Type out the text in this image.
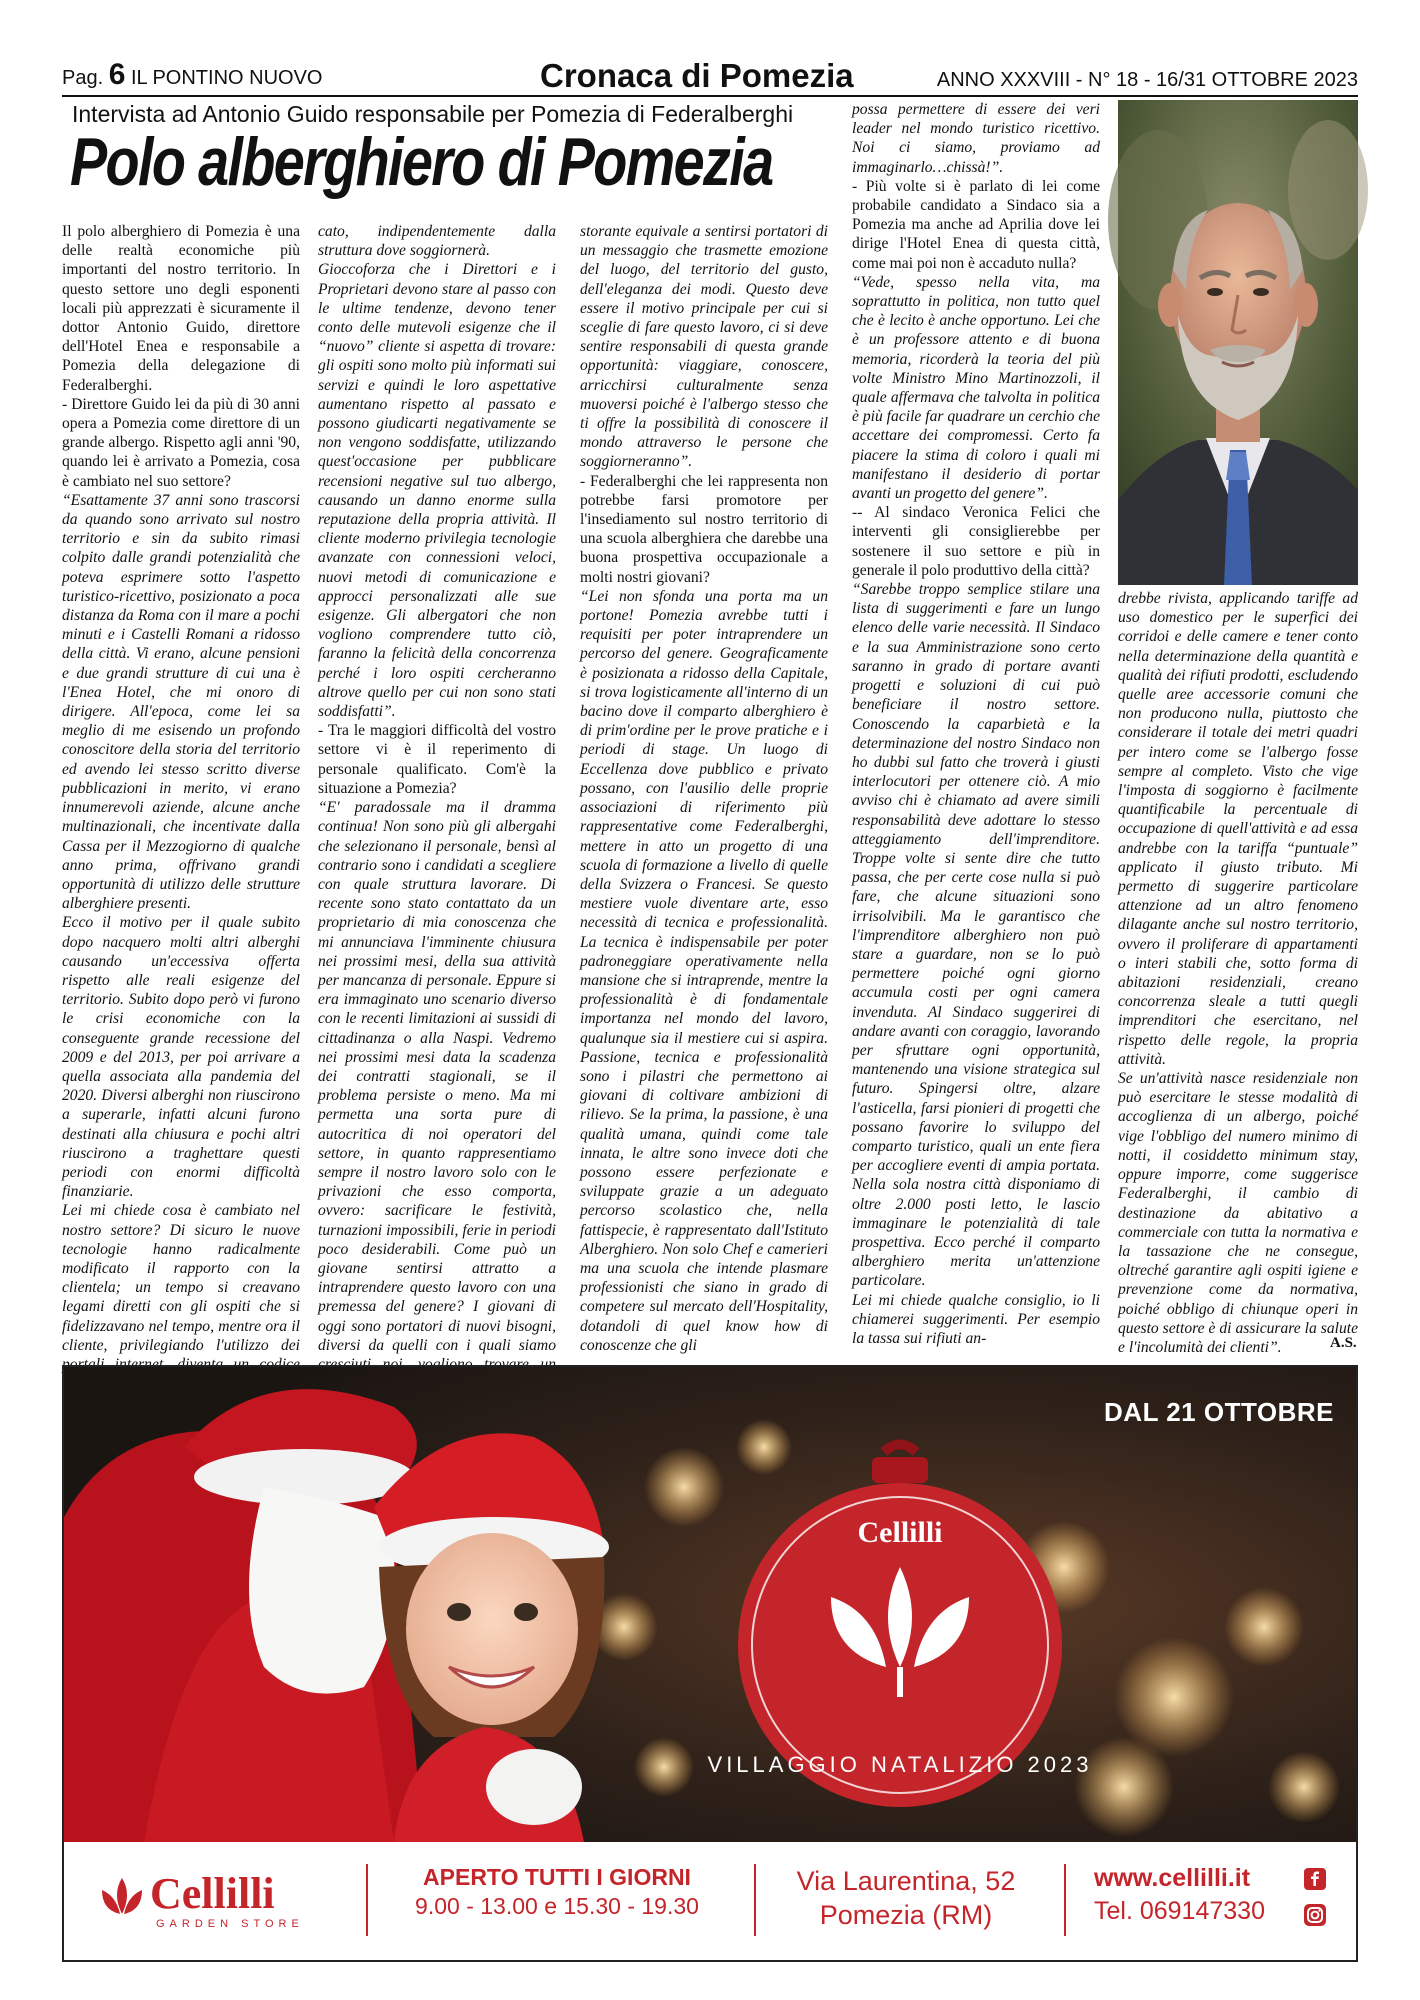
Pag. 6 IL PONTINO NUOVO	Cronaca di Pomezia	ANNO XXXVIII - N° 18 - 16/31 OTTOBRE 2023
Intervista ad Antonio Guido responsabile per Pomezia di Federalberghi
Polo alberghiero di Pomezia

Il polo alberghiero di Pomezia è una delle realtà economiche più importanti del nostro territorio. In questo settore uno degli esponenti locali più apprezzati è sicuramente il dottor Antonio Guido, direttore dell'Hotel Enea e responsabile a Pomezia della delegazione di Federalberghi.

- Direttore Guido lei da più di 30 anni opera a Pomezia come direttore di un grande albergo. Rispetto agli anni '90, quando lei è arrivato a Pomezia, cosa è cambiato nel suo settore?

“Esattamente 37 anni sono trascorsi da quando sono arrivato sul nostro territorio e sin da subito rimasi colpito dalle grandi potenzialità che poteva esprimere sotto l'aspetto turistico-ricettivo, posizionato a poca distanza da Roma con il mare a pochi minuti e i Castelli Romani a ridosso della città. Vi erano, alcune pensioni e due grandi strutture di cui una è l'Enea Hotel, che mi onoro di dirigere. All'epoca, come lei sa meglio di me esisendo un profondo conoscitore della storia del territorio ed avendo lei stesso scritto diverse pubblicazioni in merito, vi erano innumerevoli aziende, alcune anche multinazionali, che incentivate dalla Cassa per il Mezzogiorno di qualche anno prima, offrivano grandi opportunità di utilizzo delle strutture alberghiere presenti.

Ecco il motivo per il quale subito dopo nacquero molti altri alberghi causando un'eccessiva offerta rispetto alle reali esigenze del territorio. Subito dopo però vi furono le crisi economiche con la conseguente grande recessione del 2009 e del 2013, per poi arrivare a quella associata alla pandemia del 2020. Diversi alberghi non riuscirono a superarle, infatti alcuni furono destinati alla chiusura e pochi altri riuscirono a traghettare questi periodi con enormi difficoltà finanziarie.

Lei mi chiede cosa è cambiato nel nostro settore? Di sicuro le nuove tecnologie hanno radicalmente modificato il rapporto con la clientela; un tempo si creavano legami diretti con gli ospiti che si fidelizzavano nel tempo, mentre ora il cliente, privilegiando l'utilizzo dei

cato, indipendentemente dalla struttura dove soggiornerà.

Gioccoforza che i Direttori e i Proprietari devono stare al passo con le ultime tendenze, devono tener conto delle mutevoli esigenze che il “nuovo” cliente si aspetta di trovare: gli ospiti sono molto più informati sui servizi e quindi le loro aspettative aumentano rispetto al passato e possono giudicarti negativamente se non vengono soddisfatte, utilizzando quest'occasione per pubblicare recensioni negative sul tuo albergo, causando un danno enorme sulla reputazione della propria attività. Il cliente moderno privilegia tecnologie avanzate con connessioni veloci, nuovi metodi di comunicazione e approcci personalizzati alle sue esigenze. Gli albergatori che non vogliono comprendere tutto ciò, faranno la felicità della concorrenza perché i loro ospiti cercheranno altrove quello per cui non sono stati soddisfatti”.

- Tra le maggiori difficoltà del vostro settore vi è il reperimento di personale qualificato. Com'è la situazione a Pomezia?

“E' paradossale ma il dramma continua! Non sono più gli albergahi che selezionano il personale, bensì al contrario sono i candidati a scegliere con quale struttura lavorare. Di recente sono stato contattato da un proprietario di mia conoscenza che mi annunciava l'imminente chiusura nei prossimi mesi, della sua attività per mancanza di personale. Eppure si era immaginato uno scenario diverso con le recenti limitazioni ai sussidi di cittadinanza o alla Naspi. Vedremo nei prossimi mesi data la scadenza dei contratti stagionali, se il problema persiste o meno. Ma mi permetta una sorta pure di autocritica di noi operatori del settore, in quanto rappresentiamo sempre il nostro lavoro solo con le privazioni che esso comporta, ovvero: sacrificare le festività, turnazioni impossibili, ferie in periodi poco desiderabili. Come può un giovane sentirsi attratto a intraprendere questo lavoro con una premessa del genere? I giovani di oggi sono portatori di nuovi bisogni, diversi da quelli con i quali siamo

storante equivale a sentirsi portatori di un messaggio che trasmette emozione del luogo, del territorio del gusto, dell'eleganza dei modi. Questo deve essere il motivo principale per cui si sceglie di fare questo lavoro, ci si deve sentire responsabili di questa grande opportunità: viaggiare, conoscere, arricchirsi culturalmente senza muoversi poiché è l'albergo stesso che ti offre la possibilità di conoscere il mondo attraverso le persone che soggiorneranno”.

- Federalberghi che lei rappresenta non potrebbe farsi promotore per l'insediamento sul nostro territorio di una scuola alberghiera che darebbe una buona prospettiva occupazionale a molti nostri giovani?

“Lei non sfonda una porta ma un portone! Pomezia avrebbe tutti i requisiti per poter intraprendere un percorso del genere. Geograficamente è posizionata a ridosso della Capitale, si trova logisticamente all'interno di un bacino dove il comparto alberghiero è di prim'ordine per le prove pratiche e i periodi di stage. Un luogo di Eccellenza dove pubblico e privato possano, con l'ausilio delle proprie associazioni di riferimento più rappresentative come Federalberghi, mettere in atto un progetto di una scuola di formazione a livello di quelle della Svizzera o Francesi. Se questo mestiere vuole diventare arte, esso necessità di tecnica e professionalità. La tecnica è indispensabile per poter padroneggiare operativamente nella mansione che si intraprende, mentre la professionalità è di fondamentale importanza nel mondo del lavoro, qualunque sia il mestiere cui si aspira. Passione, tecnica e professionalità sono i pilastri che permettono ai giovani di coltivare ambizioni di rilievo. Se la prima, la passione, è una qualità umana, quindi come tale innata, le altre sono invece doti che possono essere perfezionate e sviluppate grazie a un adeguato percorso scolastico che, nella fattispecie, è rappresentato dall'Istituto Alberghiero. Non solo Chef e camerieri ma una scuola che intende plasmare professionisti che siano in grado di competere sul mercato dell'Hospitality, dotandoli di quel know how di conoscenze che gli

possa permettere di essere dei veri leader nel mondo turistico ricettivo. Noi ci siamo, proviamo ad immaginarlo…chissà!”.

- Più volte si è parlato di lei come probabile candidato a Sindaco sia a Pomezia ma anche ad Aprilia dove lei dirige l'Hotel Enea di questa città, come mai poi non è accaduto nulla?

“Vede, spesso nella vita, ma soprattutto in politica, non tutto quel che è lecito è anche opportuno. Lei che è un professore attento e di buona memoria, ricorderà la teoria del più volte Ministro Mino Martinozzoli, il quale affermava che talvolta in politica è più facile far quadrare un cerchio che accettare dei compromessi. Certo fa piacere la stima di coloro i quali mi manifestano il desiderio di portar avanti un progetto del genere”.

-- Al sindaco Veronica Felici che interventi gli consiglierebbe per sostenere il suo settore e più in generale il polo produttivo della città?

“Sarebbe troppo semplice stilare una lista di suggerimenti e fare un lungo elenco delle varie necessità. Il Sindaco e la sua Amministrazione sono certo saranno in grado di portare avanti progetti e soluzioni di cui può beneficiare il nostro settore. Conoscendo la caparbietà e la determinazione del nostro Sindaco non ho dubbi sul fatto che troverà i giusti interlocutori per ottenere ciò. A mio avviso chi è chiamato ad avere simili responsabilità deve adottare lo stesso atteggiamento dell'imprenditore. Troppe volte si sente dire che tutto passa, che per certe cose nulla si può fare, che alcune situazioni sono irrisolvibili. Ma le garantisco che l'imprenditore alberghiero non può stare a guardare, non se lo può permettere poiché ogni giorno accumula costi per ogni camera invenduta. Al Sindaco suggerirei di andare avanti con coraggio, lavorando per sfruttare ogni opportunità, mantenendo una visione strategica sul futuro. Spingersi oltre, alzare l'asticella, farsi pionieri di progetti che possano favorire lo sviluppo del comparto turistico, quali un ente fiera per accogliere eventi di ampia portata. Nella sola nostra città disponiamo di oltre 2.000 posti letto, le lascio immaginare le potenzialità di tale prospettiva. Ecco perché il comparto alberghiero merita un'attenzione particolare.

Lei mi chiede qualche consiglio, io li chiamerei suggerimenti. Per esempio la tassa sui rifiuti an-

drebbe rivista, applicando tariffe ad uso domestico per le superfici dei corridoi e delle camere e tener conto nella determinazione della quantità e qualità dei rifiuti prodotti, escludendo quelle aree accessorie comuni che non producono nulla, piuttosto che considerare il totale dei metri quadri per intero come se l'albergo fosse sempre al completo. Visto che vige l'imposta di soggiorno è facilmente quantificabile la percentuale di occupazione di quell'attività e ad essa andrebbe con la tariffa “puntuale” applicato il giusto tributo. Mi permetto di suggerire particolare attenzione ad un altro fenomeno dilagante anche sul nostro territorio, ovvero il proliferare di appartamenti o interi stabili che, sotto forma di abitazioni residenziali, creano concorrenza sleale a tutti quegli imprenditori che esercitano, nel rispetto delle regole, la propria attività.

Se un'attività nasce residenziale non può esercitare le stesse modalità di accoglienza di un albergo, poiché vige l'obbligo del numero minimo di notti, il cosiddetto minimum stay, oppure imporre, come suggerisce Federalberghi, il cambio di destinazione da abitativo a commerciale con tutta la normativa e la tassazione che ne consegue, oltreché garantire agli ospiti igiene e prevenzione come da normativa, poiché obbligo di chiunque operi in questo settore è di assicurare la salute e l'incolumità dei clienti”.	A.S.
Cellilli
VILLAGGIO NATALIZIO 2023
DAL 21 OTTOBRE
Cellilli
GARDEN STORE
APERTO TUTTI I GIORNI
9.00 - 13.00 e 15.30 - 19.30
Via Laurentina, 52
Pomezia (RM)
www.cellilli.it
Tel. 069147330
